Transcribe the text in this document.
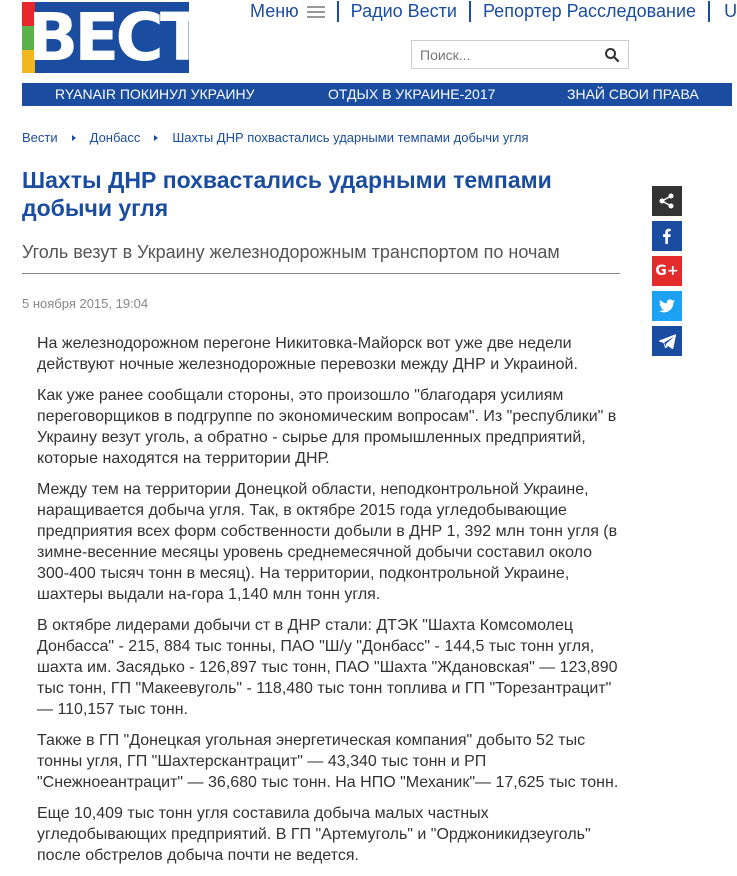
ВЕСТИ
Меню	Радио Вести	Репортер Расследование	U
Поиск...
RYANAIR ПОКИНУЛ УКРАИНУ	ОТДЫХ В УКРАИНЕ-2017	ЗНАЙ СВОИ ПРАВА
Вести Донбасс Шахты ДНР похвастались ударными темпами добычи угля
Шахты ДНР похвастались ударными темпами добычи угля
Уголь везут в Украину железнодорожным транспортом по ночам
5 ноября 2015, 19:04

На железнодорожном перегоне Никитовка-Майорск вот уже две недели действуют ночные железнодорожные перевозки между ДНР и Украиной.

Как уже ранее сообщали стороны, это произошло "благодаря усилиям переговорщиков в подгруппе по экономическим вопросам". Из "республики" в Украину везут уголь, а обратно - сырье для промышленных предприятий, которые находятся на территории ДНР.

Между тем на территории Донецкой области, неподконтрольной Украине, наращивается добыча угля. Так, в октябре 2015 года угледобывающие предприятия всех форм собственности добыли в ДНР 1, 392 млн тонн угля (в зимне-весенние месяцы уровень среднемесячной добычи составил около 300-400 тысяч тонн в месяц). На территории, подконтрольной Украине, шахтеры выдали на-гора 1,140 млн тонн угля.

В октябре лидерами добычи ст в ДНР стали: ДТЭК "Шахта Комсомолец Донбасса" - 215, 884 тыс тонны, ПАО "Ш/у "Донбасс" - 144,5 тыс тонн угля, шахта им. Засядько - 126,897 тыс тонн, ПАО "Шахта "Ждановская" — 123,890 тыс тонн, ГП "Макеевуголь" - 118,480 тыс тонн топлива и ГП "Торезантрацит" — 110,157 тыс тонн.

Также в ГП "Донецкая угольная энергетическая компания" добыто 52 тыс тонны угля, ГП "Шахтерскантрацит" — 43,340 тыс тонн и РП "Снежноеантрацит" — 36,680 тыс тонн. На НПО "Механик"— 17,625 тыс тонн.

Еще 10,409 тыс тонн угля составила добыча малых частных угледобывающих предприятий. В ГП "Артемуголь" и "Орджоникидзеуголь" после обстрелов добыча почти не ведется.

G+
